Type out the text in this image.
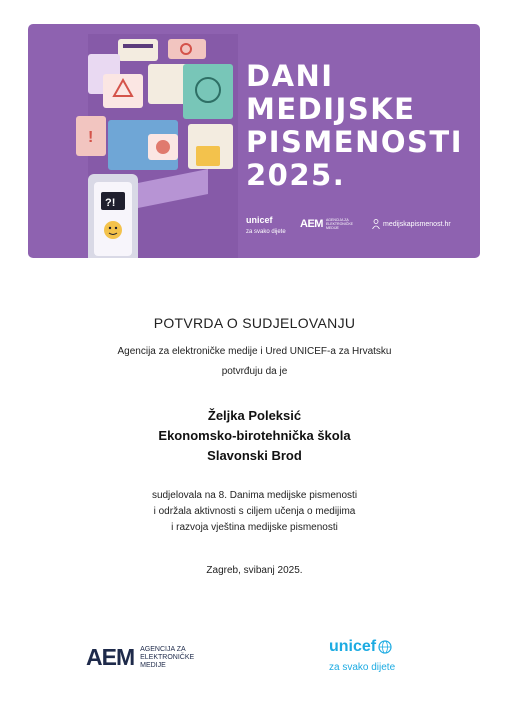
!
?!
DANI
MEDIJSKE
PISMENOSTI
2025.
unicef
za svako dijete
AEM AGENCIJA ZA ELEKTRONIČKE MEDIJE
medijskapismenost.hr
POTVRDA O SUDJELOVANJU
Agencija za elektroničke medije i Ured UNICEF-a za Hrvatsku
potvrđuju da je
Željka Poleksić
Ekonomsko-birotehnička škola
Slavonski Brod
sudjelovala na 8. Danima medijske pismenosti
i održala aktivnosti s ciljem učenja o medijima
i razvoja vještina medijske pismenosti
Zagreb, svibanj 2025.
AEM AGENCIJA ZA ELEKTRONIČKE MEDIJE
unicef
za svako dijete
